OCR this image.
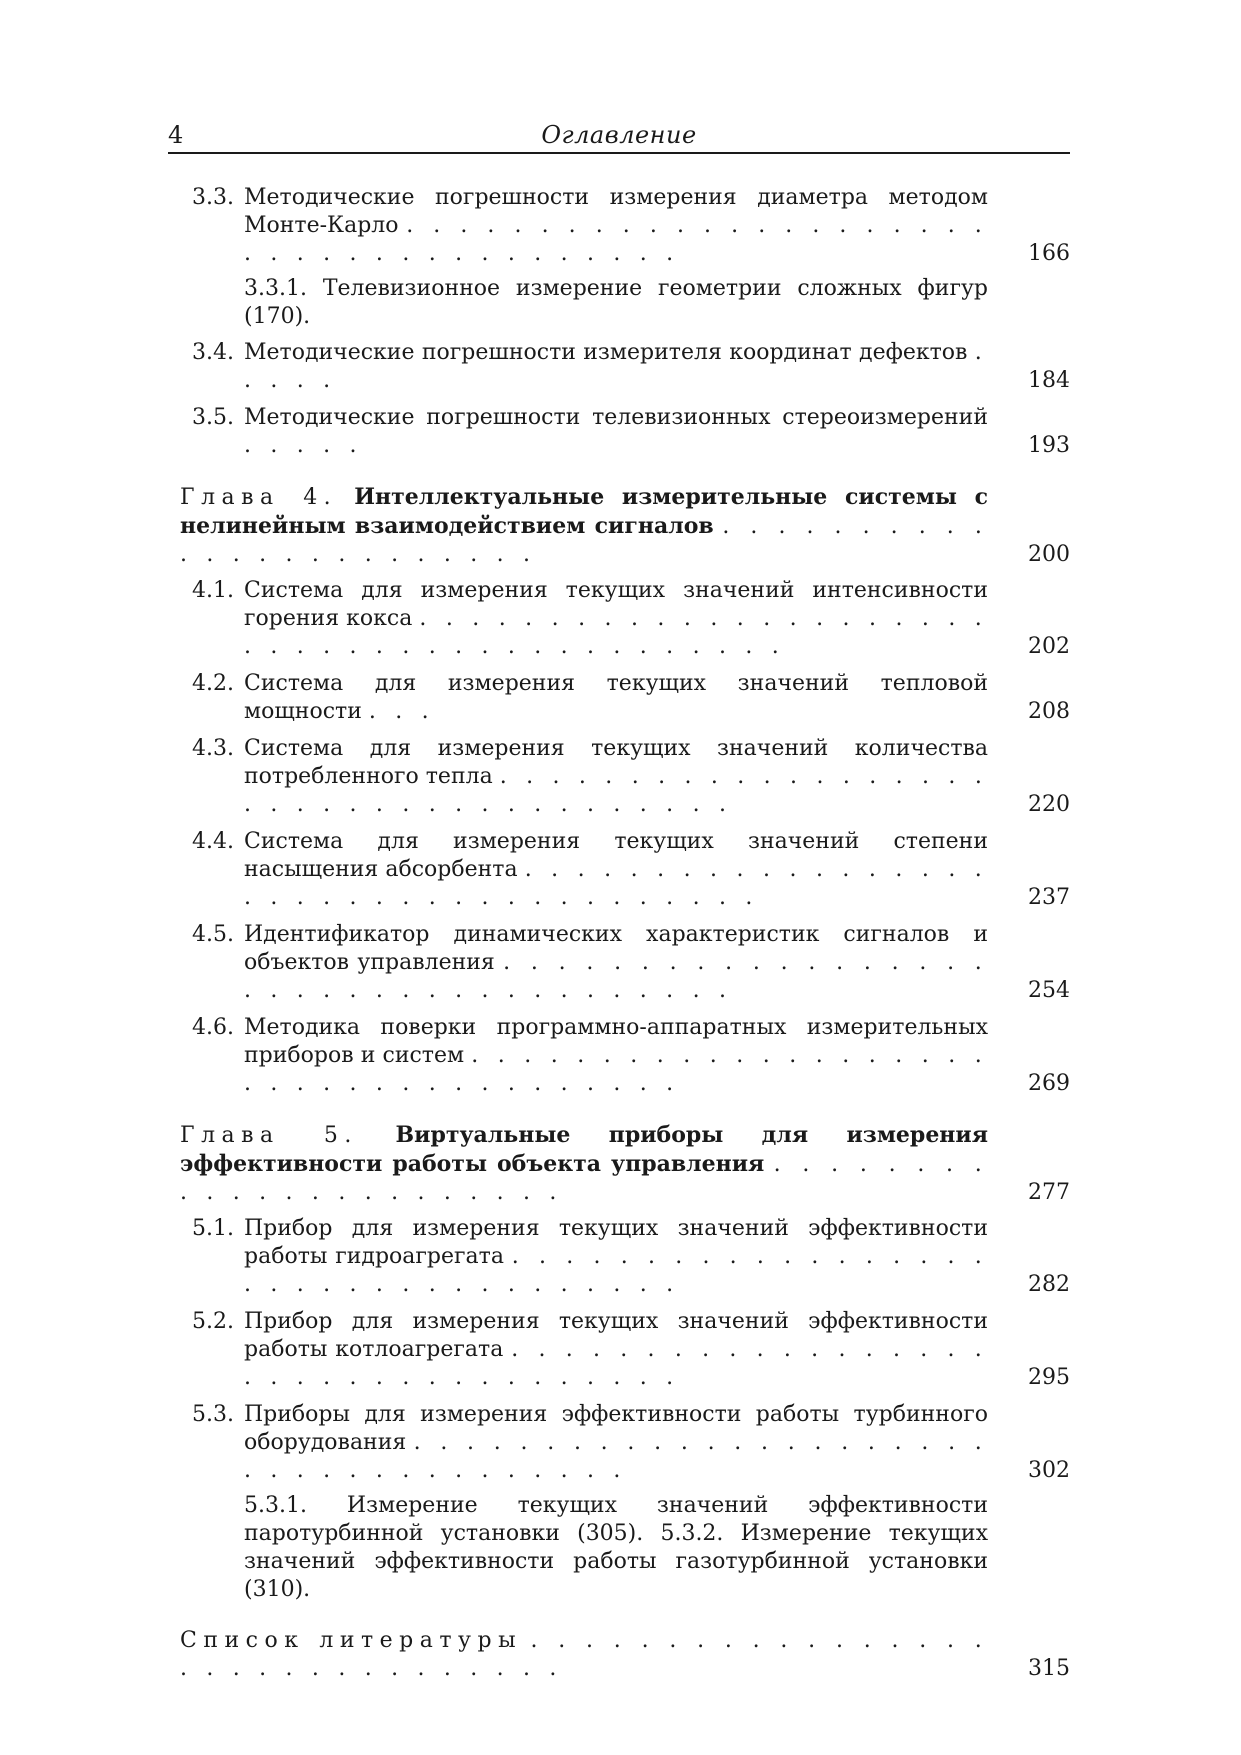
4	Оглавление
3.3. Методические погрешности измерения диаметра методом Монте-Карло . . . . . . . . . . . . . . . . . . . . . . . . . . . . . . . . . . . . . . .	166
3.3.1. Телевизионное измерение геометрии сложных фигур (170).
3.4. Методические погрешности измерителя координат дефектов . . . . .	184
3.5. Методические погрешности телевизионных стереоизмерений . . . . .	193
Глава 4. Интеллектуальные измерительные системы с нелинейным взаимодействием сигналов . . . . . . . . . . . . . . . . . . . . . . . .	200
4.1. Система для измерения текущих значений интенсивности горения кокса . . . . . . . . . . . . . . . . . . . . . . . . . . . . . . . . . . . . . . . . . . .	202
4.2. Система для измерения текущих значений тепловой мощности . . .	208
4.3. Система для измерения текущих значений количества потребленного тепла . . . . . . . . . . . . . . . . . . . . . . . . . . . . . . . . . . . . . .	220
4.4. Система для измерения текущих значений степени насыщения абсорбента . . . . . . . . . . . . . . . . . . . . . . . . . . . . . . . . . . . . . .	237
4.5. Идентификатор динамических характеристик сигналов и объектов управления . . . . . . . . . . . . . . . . . . . . . . . . . . . . . . . . . . . . .	254
4.6. Методика поверки программно-аппаратных измерительных приборов и систем . . . . . . . . . . . . . . . . . . . . . . . . . . . . . . . . . . . . .	269
Глава 5. Виртуальные приборы для измерения эффективности работы объекта управления . . . . . . . . . . . . . . . . . . . . . . .	277
5.1. Прибор для измерения текущих значений эффективности работы гидроагрегата . . . . . . . . . . . . . . . . . . . . . . . . . . . . . . . . . . .	282
5.2. Прибор для измерения текущих значений эффективности работы котлоагрегата . . . . . . . . . . . . . . . . . . . . . . . . . . . . . . . . . . .	295
5.3. Приборы для измерения эффективности работы турбинного оборудования . . . . . . . . . . . . . . . . . . . . . . . . . . . . . . . . . . . . .	302
5.3.1. Измерение текущих значений эффективности паротурбинной установки (305). 5.3.2. Измерение текущих значений эффективности работы газотурбинной установки (310).
Список литературы . . . . . . . . . . . . . . . . . . . . . . . . . . . . . . . .	315
